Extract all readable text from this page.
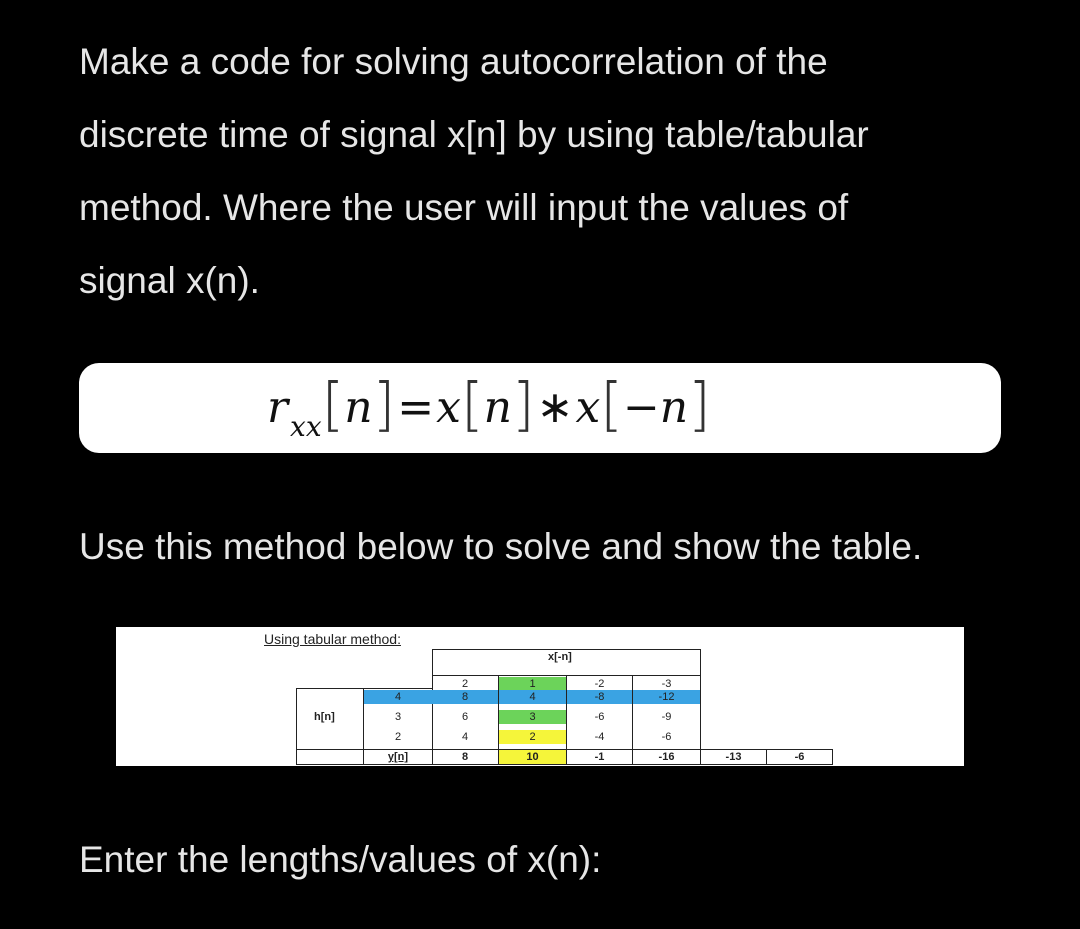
Make a code for solving autocorrelation of the
discrete time of signal x[n] by using table/tabular
method. Where the user will input the values of
signal x(n).
$r_{xx}[n]=x[n]∗x[-n]$
Use this method below to solve and show the table.
Using tabular method:
x[-n]
h[n]
2	1	-2	-3
4	8	4	-8	-12
3	6	3	-6	-9
2	4	2	-4	-6
y[n]	8	10	-1	-16	-13	-6
Enter the lengths/values of x(n):
